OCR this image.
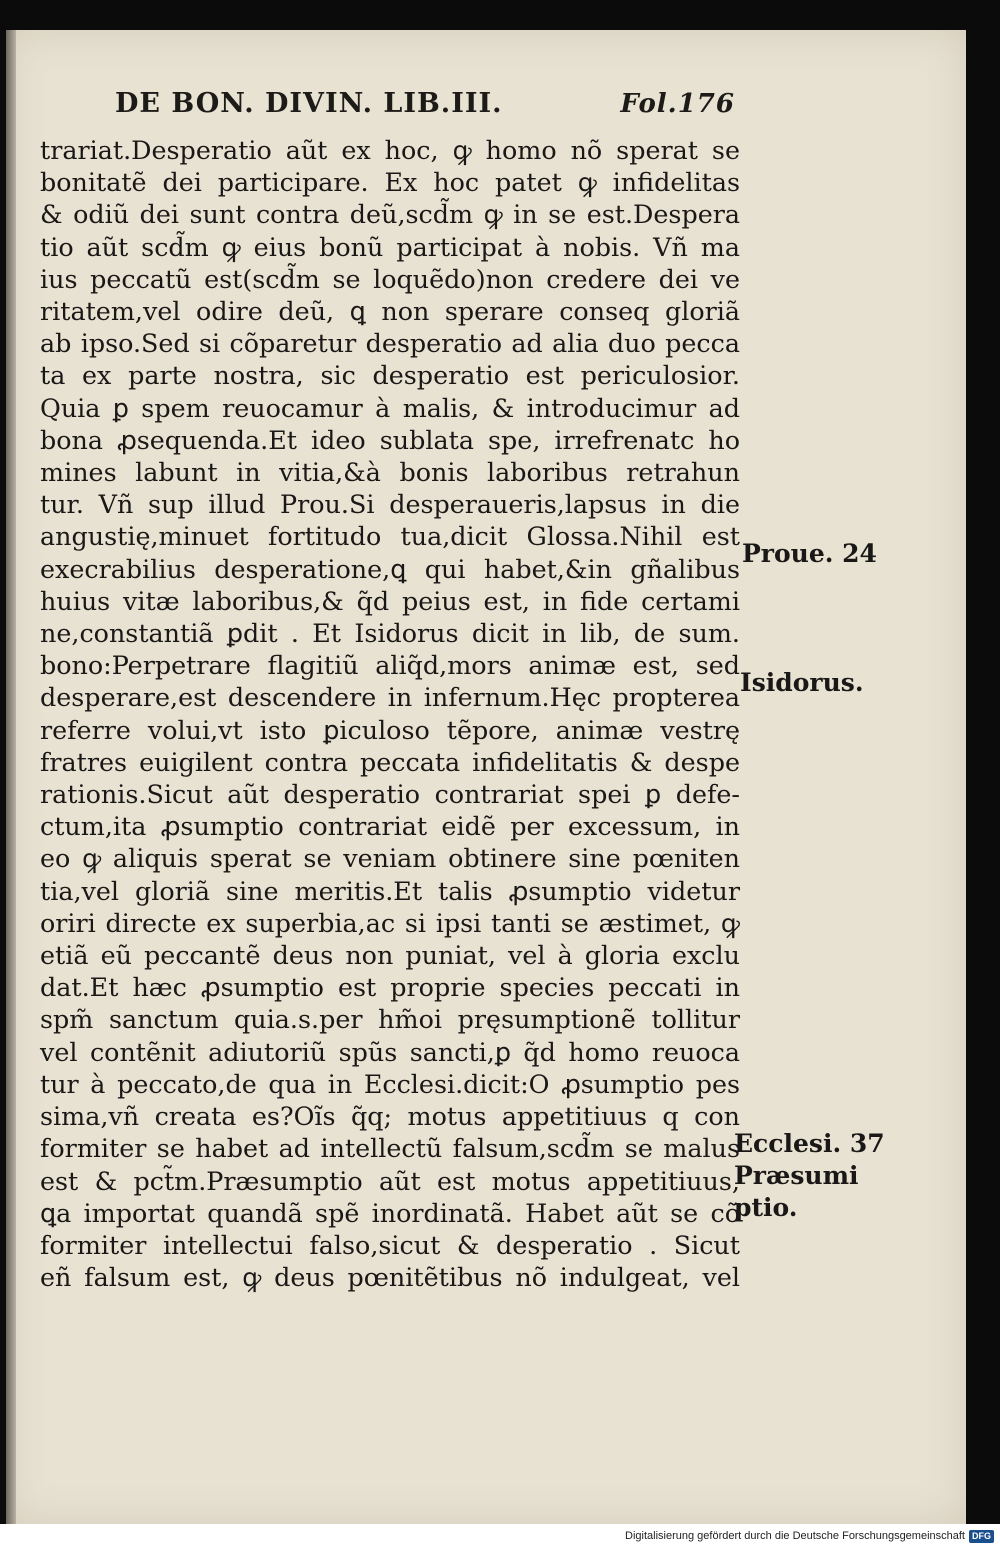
DE BON. DIVIN. LIB.III.	Fol.176
trariat.Desperatio aũt ex hoc, ꝙ homo nõ sperat se
bonitatẽ dei participare. Ex hoc patet ꝙ infidelitas
& odiũ dei sunt contra deũ,scd̃m ꝙ in se est.Desperа
tio aũt scd̃m ꝙ eius bonũ participat à nobis. Vñ ma
ius peccatũ est(scd̃m se loquẽdo)non credere dei ve
ritatem,vel odire deũ, ꝗ non sperare conseq gloriã
ab ipso.Sed si cõparetur desperatio ad alia duo pecca
ta ex parte nostra, sic desperatio est periculosior.
Quia ꝑ spem reuocamur à malis, & introducimur ad
bona ꝓsequenda.Et ideo sublata spe, irrefrenatc ho
mines labunt in vitia,&à bonis laboribus retrahun
tur. Vñ sup illud Prou.Si desperaueris,lapsus in die
angustię,minuet fortitudo tua,dicit Glossa.Nihil est
execrabilius desperatione,ꝗ qui habet,&in gñalibus
huius vitæ laboribus,& q̃d peius est, in fide certami
ne,constantiã ꝑdit . Et Isidorus dicit in lib, de sum.
bono:Perpetrare flagitiũ aliq̃d,mors animæ est, sed
desperare,est descendere in infernum.Hęc propterea
referre volui,vt isto ꝑiculoso tẽpore, animæ vestrę
fratres euigilent contra peccata infidelitatis & despe
rationis.Sicut aũt desperatio contrariat spei ꝑ defe-
ctum,ita ꝓsumptio contrariat eidẽ per excessum, in
eo ꝙ aliquis sperat se veniam obtinere sine pœniten
tia,vel gloriã sine meritis.Et talis ꝓsumptio videtur
oriri directe ex superbia,ac si ipsi tanti se æstimet, ꝙ
etiã eũ peccantẽ deus non puniat, vel à gloria exclu
dat.Et hæc ꝓsumptio est proprie species peccati in
spm̃ sanctum quia.s.per hm̃oi pręsumptionẽ tollitur
vel contẽnit adiutoriũ spũs sancti,ꝑ q̃d homo reuoca
tur à peccato,de qua in Ecclesi.dicit:O ꝓsumptio pes
sima,vñ creata es?Oĩs q̃q; motus appetitiuus q con
formiter se habet ad intellectũ falsum,scd̃m se malus
est & pct̃m.Præsumptio aũt est motus appetitiuus,
ꝗa importat quandã spẽ inordinatã. Habet aũt se cõ
formiter intellectui falso,sicut & desperatio . Sicut
eñ falsum est, ꝙ deus pœnitẽtibus nõ indulgeat, vel
Proue. 24
Isidorus.
Ecclesi. 37
Præsumi
ptio.
Digitalisierung gefördert durch die Deutsche Forschungsgemeinschaft DFG
